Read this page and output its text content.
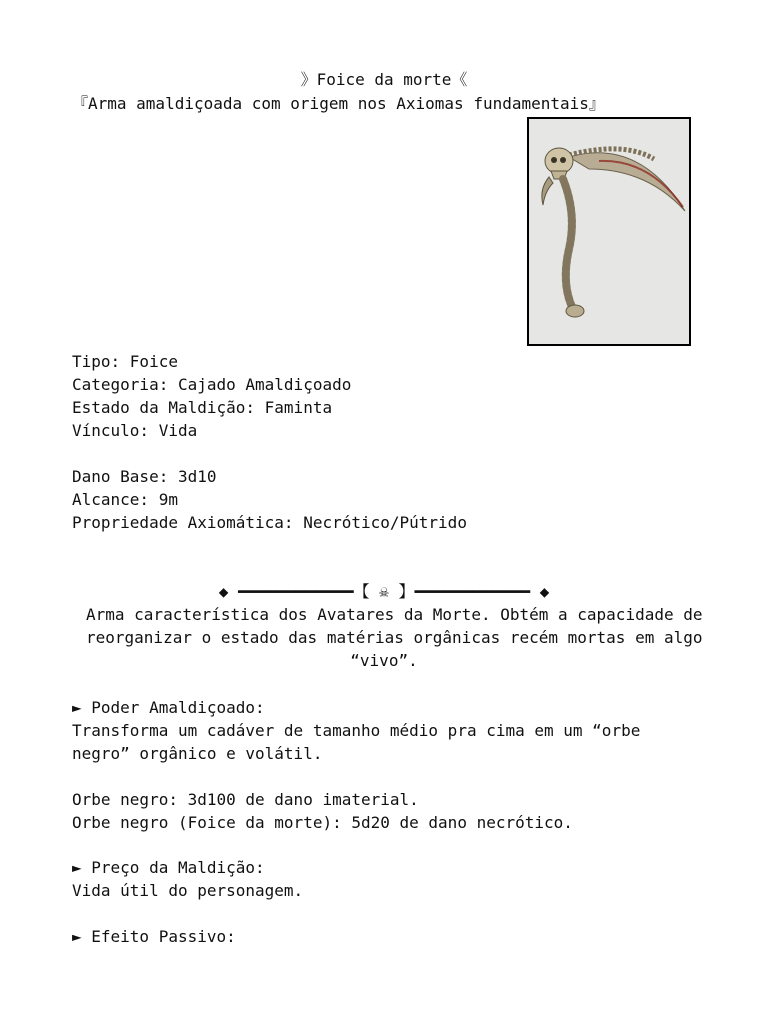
》Foice da morte《
『Arma amaldiçoada com origem nos Axiomas fundamentais』
Tipo: Foice
Categoria: Cajado Amaldiçoado
Estado da Maldição: Faminta
Vínculo: Vida
Dano Base: 3d10
Alcance: 9m
Propriedade Axiomática: Necrótico/Pútrido
◆ ━━━━━━━━━━━━【 ☠ 】━━━━━━━━━━━━ ◆
Arma característica dos Avatares da Morte. Obtém a capacidade de
reorganizar o estado das matérias orgânicas recém mortas em algo
“vivo”.
► Poder Amaldiçoado:
Transforma um cadáver de tamanho médio pra cima em um “orbe
negro” orgânico e volátil.
Orbe negro: 3d100 de dano imaterial.
Orbe negro (Foice da morte): 5d20 de dano necrótico.
► Preço da Maldição:
Vida útil do personagem.
► Efeito Passivo:
